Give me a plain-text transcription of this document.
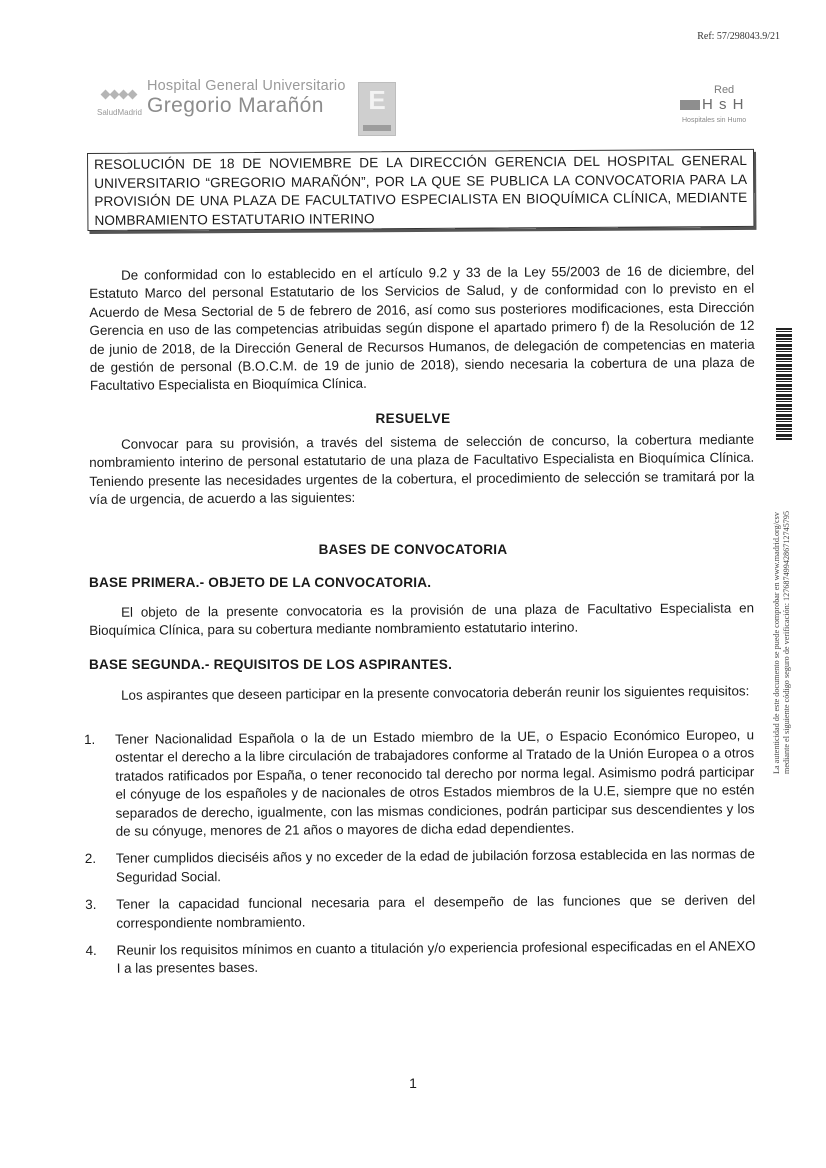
Ref: 57/298043.9/21
SaludMadrid
Hospital General Universitario
Gregorio Marañón	E	Red
H s H
Hospitales sin Humo
RESOLUCIÓN DE 18 DE NOVIEMBRE DE LA DIRECCIÓN GERENCIA DEL HOSPITAL GENERAL UNIVERSITARIO “GREGORIO MARAÑÓN”, POR LA QUE SE PUBLICA LA CONVOCATORIA PARA LA PROVISIÓN DE UNA PLAZA DE FACULTATIVO ESPECIALISTA EN BIOQUÍMICA CLÍNICA, MEDIANTE NOMBRAMIENTO ESTATUTARIO INTERINO
De conformidad con lo establecido en el artículo 9.2 y 33 de la Ley 55/2003 de 16 de diciembre, del Estatuto Marco del personal Estatutario de los Servicios de Salud, y de conformidad con lo previsto en el Acuerdo de Mesa Sectorial de 5 de febrero de 2016, así como sus posteriores modificaciones, esta Dirección Gerencia en uso de las competencias atribuidas según dispone el apartado primero f) de la Resolución de 12 de junio de 2018, de la Dirección General de Recursos Humanos, de delegación de competencias en materia de gestión de personal (B.O.C.M. de 19 de junio de 2018), siendo necesaria la cobertura de una plaza de Facultativo Especialista en Bioquímica Clínica.
RESUELVE
Convocar para su provisión, a través del sistema de selección de concurso, la cobertura mediante nombramiento interino de personal estatutario de una plaza de Facultativo Especialista en Bioquímica Clínica. Teniendo presente las necesidades urgentes de la cobertura, el procedimiento de selección se tramitará por la vía de urgencia, de acuerdo a las siguientes:
BASES DE CONVOCATORIA
BASE PRIMERA.- OBJETO DE LA CONVOCATORIA.
El objeto de la presente convocatoria es la provisión de una plaza de Facultativo Especialista en Bioquímica Clínica, para su cobertura mediante nombramiento estatutario interino.
BASE SEGUNDA.- REQUISITOS DE LOS ASPIRANTES.
Los aspirantes que deseen participar en la presente convocatoria deberán reunir los siguientes requisitos:
1. Tener Nacionalidad Española o la de un Estado miembro de la UE, o Espacio Económico Europeo, u ostentar el derecho a la libre circulación de trabajadores conforme al Tratado de la Unión Europea o a otros tratados ratificados por España, o tener reconocido tal derecho por norma legal. Asimismo podrá participar el cónyuge de los españoles y de nacionales de otros Estados miembros de la U.E, siempre que no estén separados de derecho, igualmente, con las mismas condiciones, podrán participar sus descendientes y los de su cónyuge, menores de 21 años o mayores de dicha edad dependientes.
2. Tener cumplidos dieciséis años y no exceder de la edad de jubilación forzosa establecida en las normas de Seguridad Social.
3. Tener la capacidad funcional necesaria para el desempeño de las funciones que se deriven del correspondiente nombramiento.
4. Reunir los requisitos mínimos en cuanto a titulación y/o experiencia profesional especificadas en el ANEXO I a las presentes bases.
1
La autenticidad de este documento se puede comprobar en www.madrid.org/csv mediante el siguiente código seguro de verificación: 1276874994286712745795
